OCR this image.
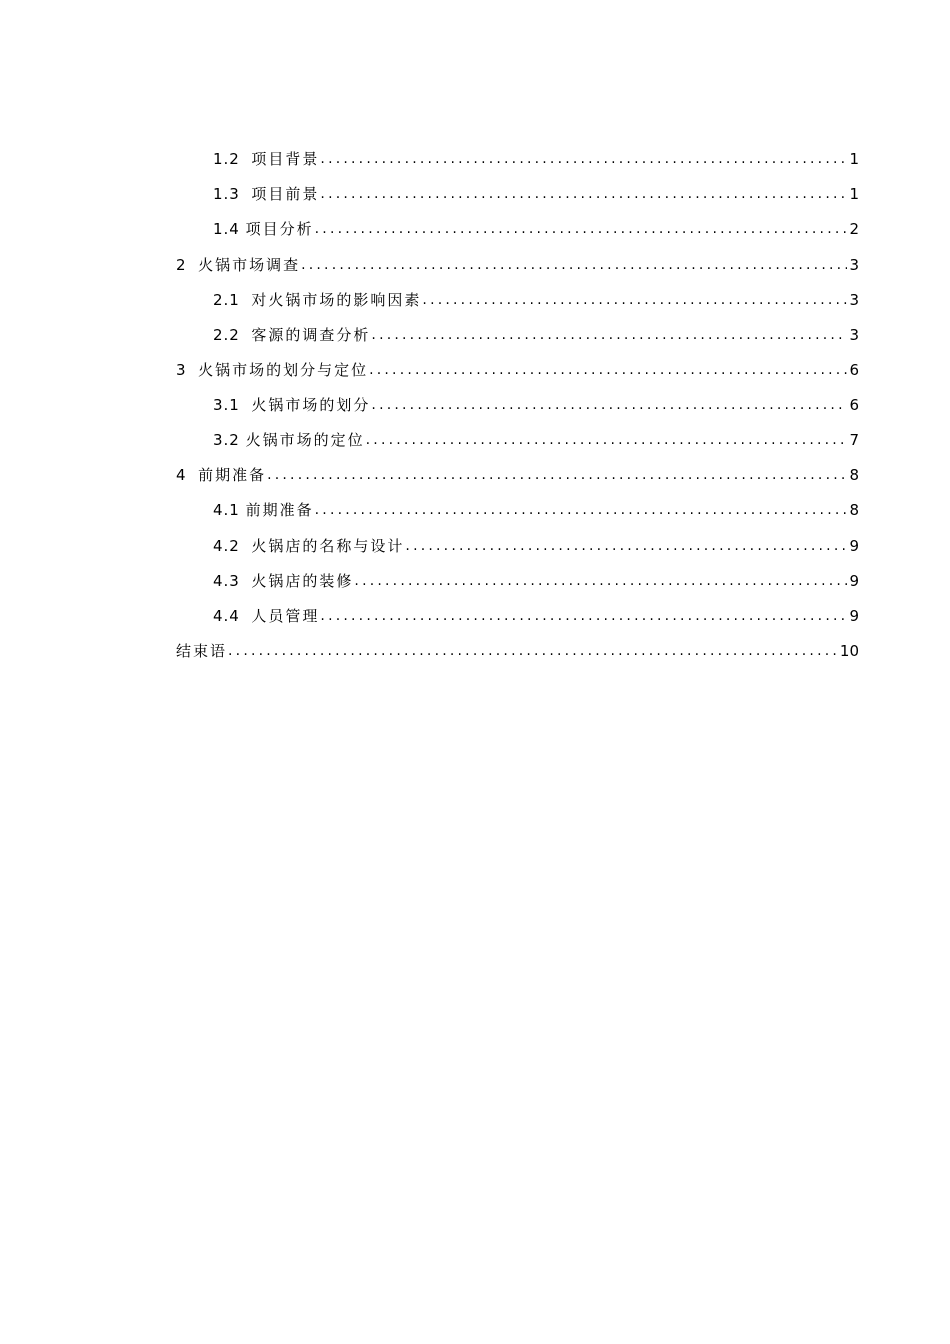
1.2 项目背景 .....	1
1.3 项目前景 .....	1
1.4 项目分析 .....	2
2 火锅市场调查 .....	3
2.1 对火锅市场的影响因素 .....	3
2.2 客源的调查分析 .....	3
3 火锅市场的划分与定位 .....	6
3.1 火锅市场的划分 .....	6
3.2 火锅市场的定位 .....	7
4 前期准备 .....	8
4.1 前期准备 .....	8
4.2 火锅店的名称与设计 .....	9
4.3 火锅店的装修 .....	9
4.4 人员管理 .....	9
结束语 .....	10
